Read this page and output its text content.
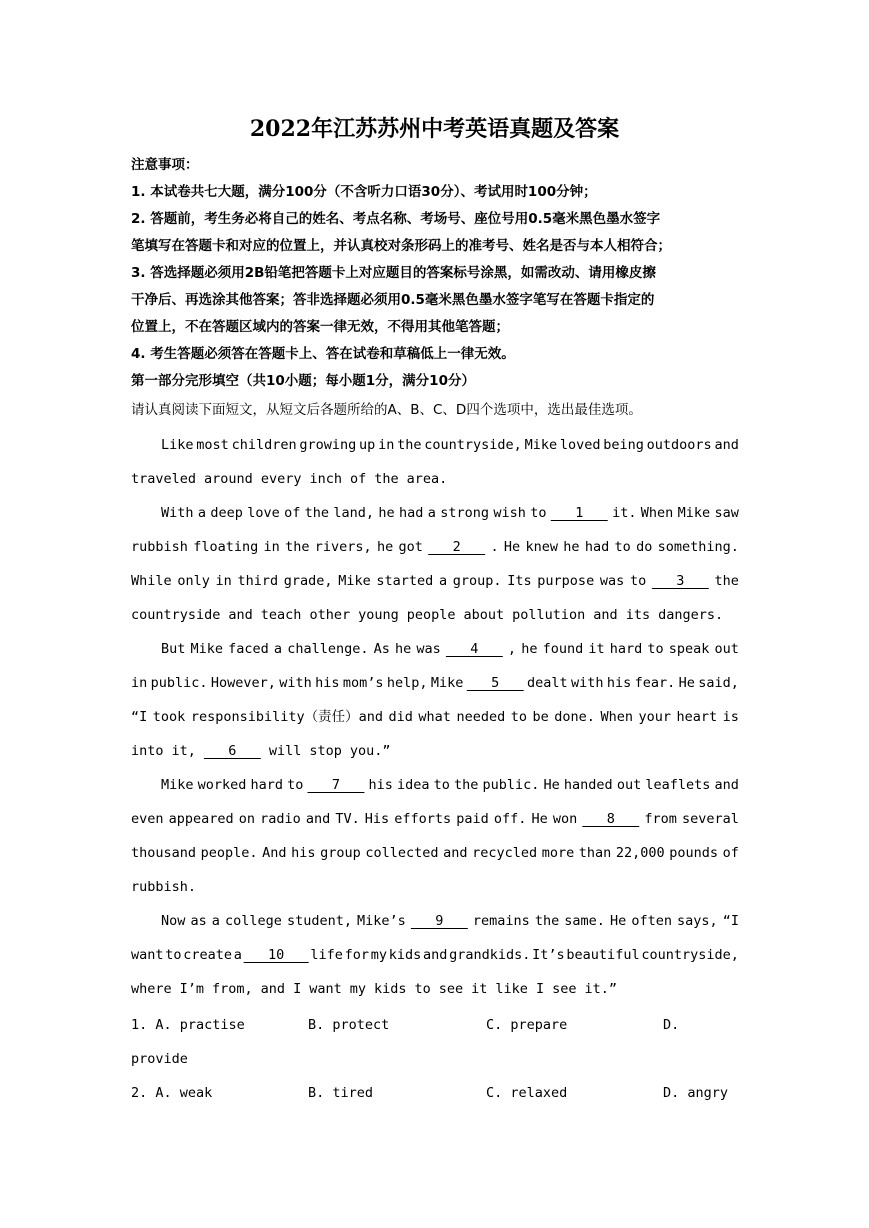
2022年江苏苏州中考英语真题及答案
注意事项：
1. 本试卷共七大题，满分100分（不含听力口语30分）、考试用时100分钟；
2. 答题前，考生务必将自己的姓名、考点名称、考场号、座位号用0.5毫米黑色墨水签字
笔填写在答题卡和对应的位置上，并认真校对条形码上的准考号、姓名是否与本人相符合；
3. 答选择题必须用2B铅笔把答题卡上对应题目的答案标号涂黑，如需改动、请用橡皮擦
干净后、再选涂其他答案；答非选择题必须用0.5毫米黑色墨水签字笔写在答题卡指定的
位置上，不在答题区域内的答案一律无效，不得用其他笔答题；
4. 考生答题必须答在答题卡上、答在试卷和草稿低上一律无效。
第一部分完形填空（共10小题；每小题1分，满分10分）
请认真阅读下面短文，从短文后各题所给的A、B、C、D四个选项中，选出最佳选项。
Like most children growing up in the countryside, Mike loved being outdoors and
traveled around every inch of the area.
With a deep love of the land, he had a strong wish to 1 it. When Mike saw
rubbish floating in the rivers, he got 2 . He knew he had to do something.
While only in third grade, Mike started a group. Its purpose was to 3 the
countryside and teach other young people about pollution and its dangers.
But Mike faced a challenge. As he was 4 , he found it hard to speak out
in public. However, with his mom’s help, Mike 5 dealt with his fear. He said,
“I took responsibility（责任）and did what needed to be done. When your heart is
into it, 6 will stop you.”
Mike worked hard to 7 his idea to the public. He handed out leaflets and
even appeared on radio and TV. His efforts paid off. He won 8 from several
thousand people. And his group collected and recycled more than 22,000 pounds of
rubbish.
Now as a college student, Mike’s 9 remains the same. He often says, “I
want to create a 10 life for my kids and grandkids. It’s beautiful countryside,
where I’m from, and I want my kids to see it like I see it.”
1. A. practise	B. protect	C. prepare	D.
provide
2. A. weak	B. tired	C. relaxed	D. angry
